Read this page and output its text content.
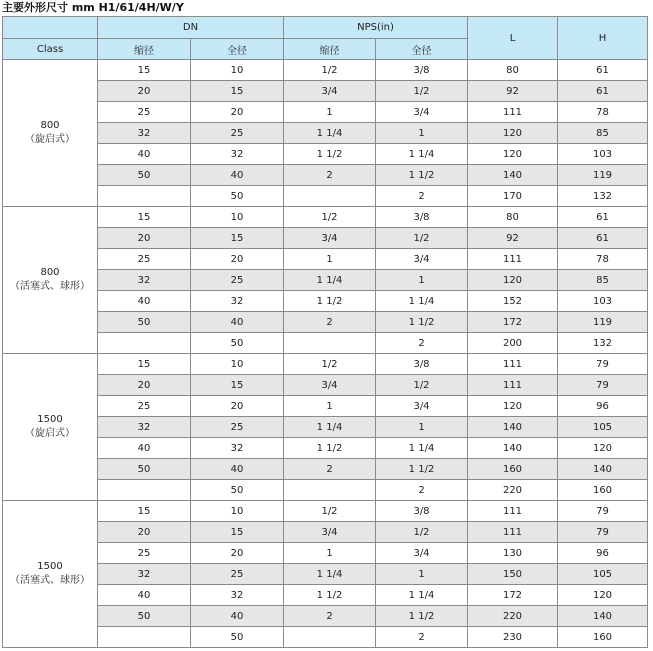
主要外形尺寸 mm H1/61/4H/W/Y
	DN		NPS(in)		L	H
Class	缩径	全径	缩径	全径		

800
（旋启式）	15	10	1/2	3/8	80	61
	20	15	3/4	1/2	92	61
	25	20	1	3/4	111	78
	32	25	1 1/4	1	120	85
	40	32	1 1/2	1 1/4	120	103
	50	40	2	1 1/2	140	119
		50		2	170	132

800
（活塞式、球形）	15	10	1/2	3/8	80	61
	20	15	3/4	1/2	92	61
	25	20	1	3/4	111	78
	32	25	1 1/4	1	120	85
	40	32	1 1/2	1 1/4	152	103
	50	40	2	1 1/2	172	119
		50		2	200	132

1500
（旋启式）	15	10	1/2	3/8	111	79
	20	15	3/4	1/2	111	79
	25	20	1	3/4	120	96
	32	25	1 1/4	1	140	105
	40	32	1 1/2	1 1/4	140	120
	50	40	2	1 1/2	160	140
		50		2	220	160

1500
（活塞式、球形）	15	10	1/2	3/8	111	79
	20	15	3/4	1/2	111	79
	25	20	1	3/4	130	96
	32	25	1 1/4	1	150	105
	40	32	1 1/2	1 1/4	172	120
	50	40	2	1 1/2	220	140
		50		2	230	160
